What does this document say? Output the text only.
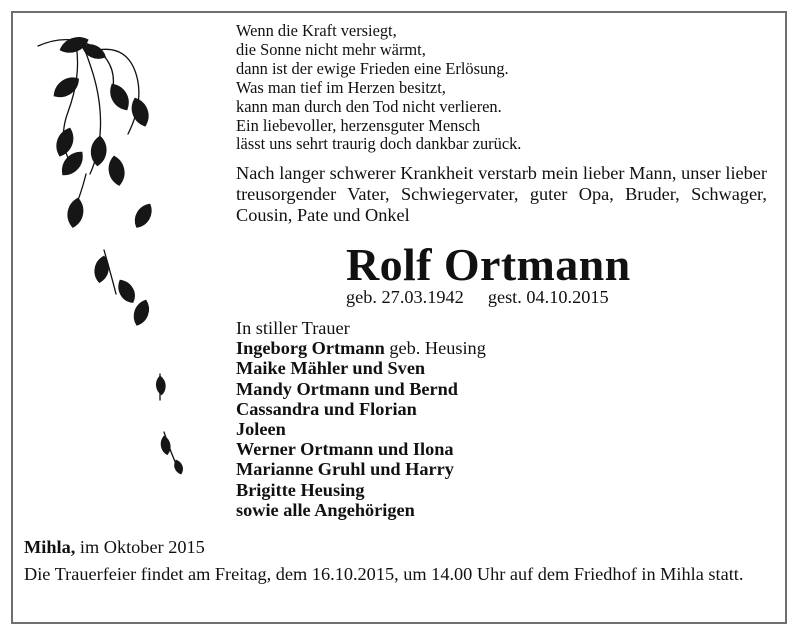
Wenn die Kraft versiegt,
die Sonne nicht mehr wärmt,
dann ist der ewige Frieden eine Erlösung.
Was man tief im Herzen besitzt,
kann man durch den Tod nicht verlieren.
Ein liebevoller, herzensguter Mensch
lässt uns sehrt traurig doch dankbar zurück.
Nach langer schwerer Krankheit verstarb mein lieber Mann, unser lieber treusorgender Vater, Schwiegervater, guter Opa, Bruder, Schwager, Cousin, Pate und Onkel
Rolf Ortmann
geb. 27.03.1942 gest. 04.10.2015
In stiller Trauer
Ingeborg Ortmann geb. Heusing
Maike Mähler und Sven
Mandy Ortmann und Bernd
Cassandra und Florian
Joleen
Werner Ortmann und Ilona
Marianne Gruhl und Harry
Brigitte Heusing
sowie alle Angehörigen
Mihla, im Oktober 2015
Die Trauerfeier findet am Freitag, dem 16.10.2015, um 14.00 Uhr auf dem Friedhof in Mihla statt.
